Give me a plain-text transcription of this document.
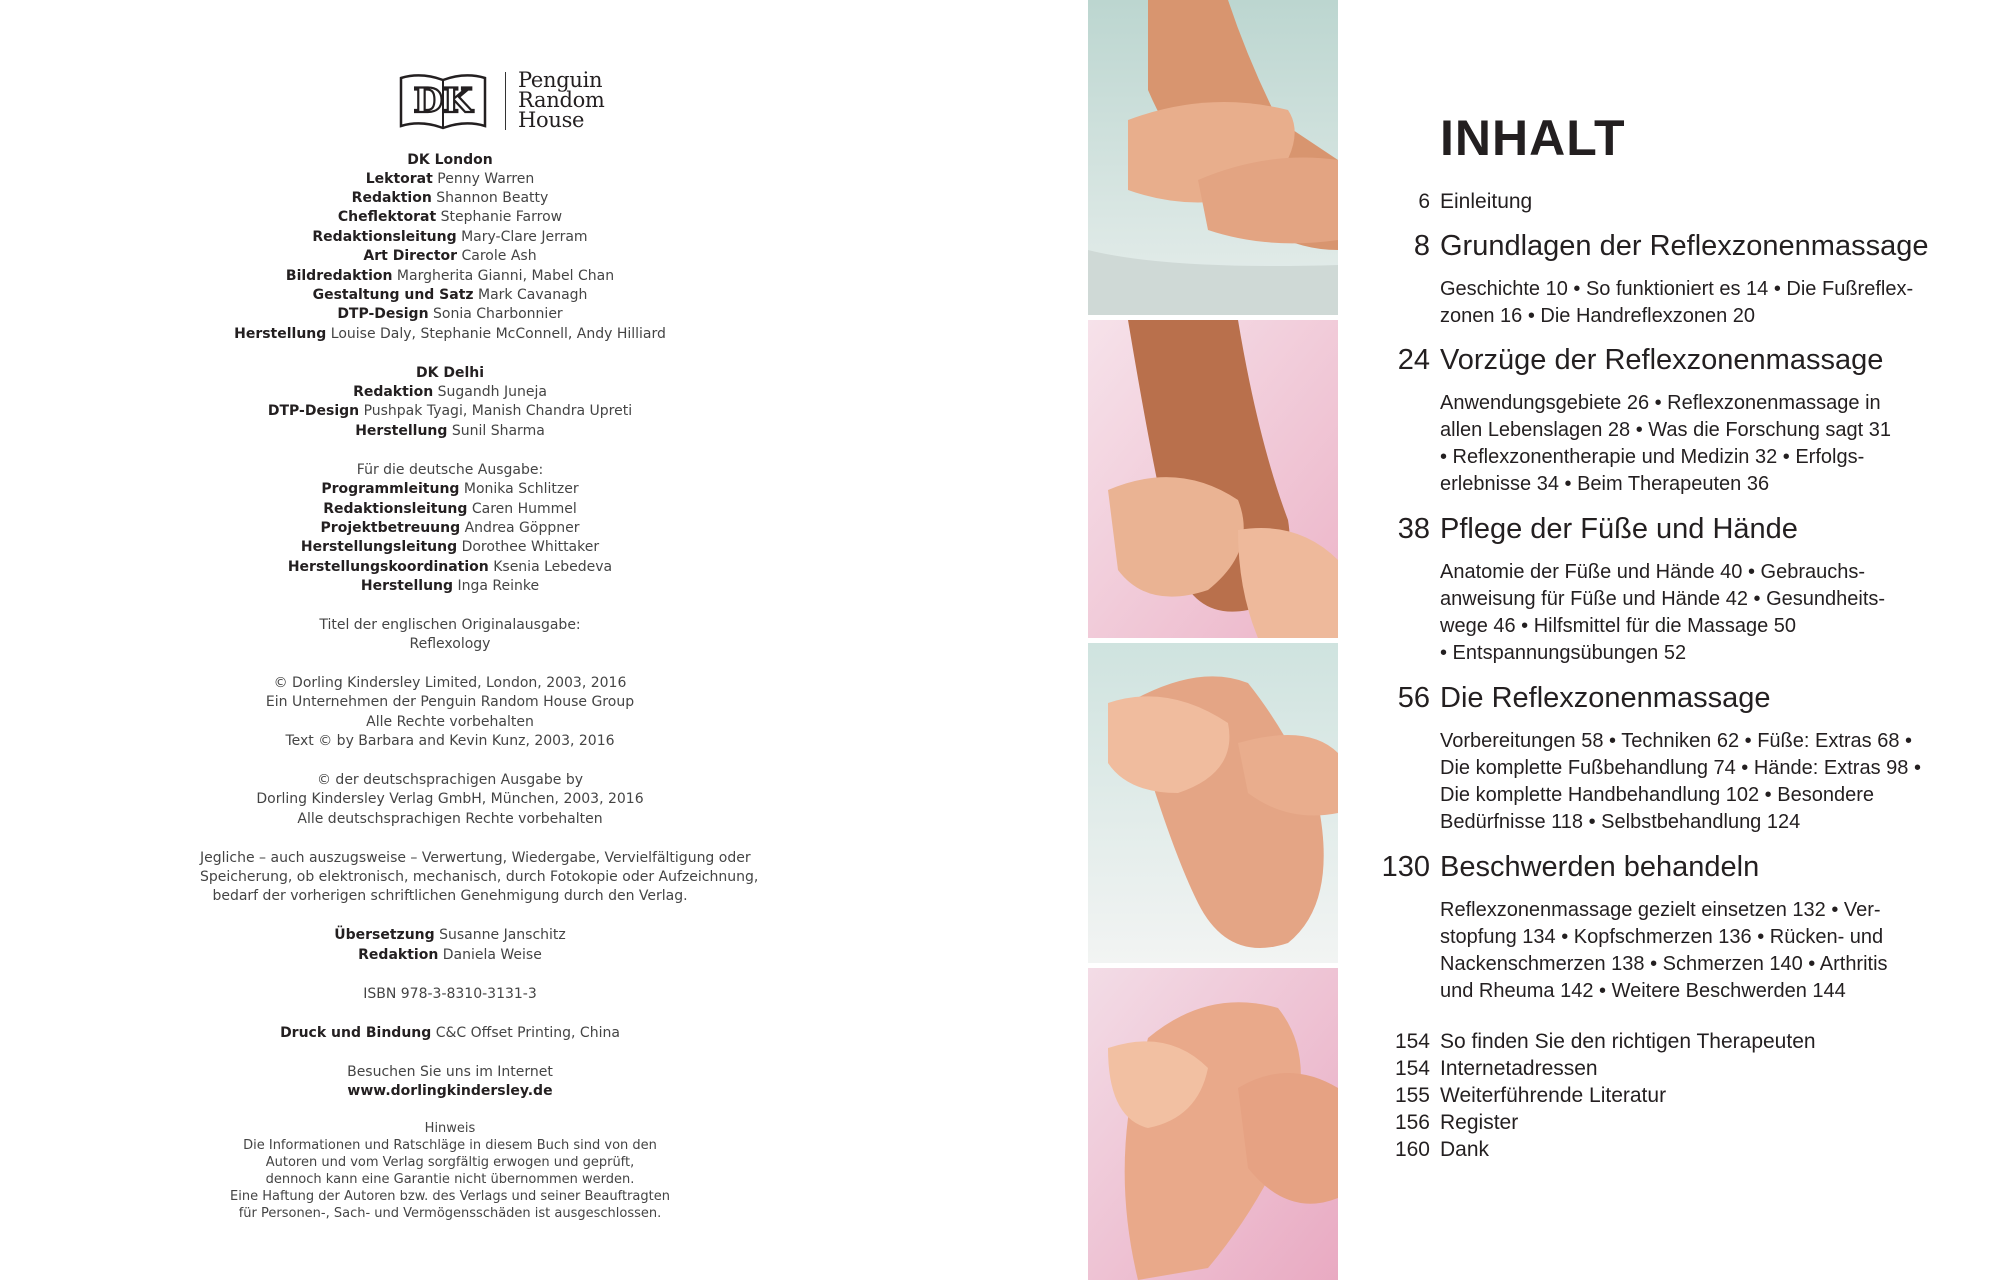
DK
Penguin
Random
House
DK London
Lektorat Penny Warren
Redaktion Shannon Beatty
Cheflektorat Stephanie Farrow
Redaktionsleitung Mary-Clare Jerram
Art Director Carole Ash
Bildredaktion Margherita Gianni, Mabel Chan
Gestaltung und Satz Mark Cavanagh
DTP-Design Sonia Charbonnier
Herstellung Louise Daly, Stephanie McConnell, Andy Hilliard
DK Delhi
Redaktion Sugandh Juneja
DTP-Design Pushpak Tyagi, Manish Chandra Upreti
Herstellung Sunil Sharma
Für die deutsche Ausgabe:
Programmleitung Monika Schlitzer
Redaktionsleitung Caren Hummel
Projektbetreuung Andrea Göppner
Herstellungsleitung Dorothee Whittaker
Herstellungskoordination Ksenia Lebedeva
Herstellung Inga Reinke
Titel der englischen Originalausgabe:
Reflexology
© Dorling Kindersley Limited, London, 2003, 2016
Ein Unternehmen der Penguin Random House Group
Alle Rechte vorbehalten
Text © by Barbara and Kevin Kunz, 2003, 2016
© der deutschsprachigen Ausgabe by
Dorling Kindersley Verlag GmbH, München, 2003, 2016
Alle deutschsprachigen Rechte vorbehalten
Jegliche – auch auszugsweise – Verwertung, Wiedergabe, Vervielfältigung oder
Speicherung, ob elektronisch, mechanisch, durch Fotokopie oder Aufzeichnung,
bedarf der vorherigen schriftlichen Genehmigung durch den Verlag.
Übersetzung Susanne Janschitz
Redaktion Daniela Weise
ISBN 978-3-8310-3131-3
Druck und Bindung C&C Offset Printing, China
Besuchen Sie uns im Internet
www.dorlingkindersley.de
Hinweis
Die Informationen und Ratschläge in diesem Buch sind von den
Autoren und vom Verlag sorgfältig erwogen und geprüft,
dennoch kann eine Garantie nicht übernommen werden.
Eine Haftung der Autoren bzw. des Verlags und seiner Beauftragten
für Personen-, Sach- und Vermögensschäden ist ausgeschlossen.
INHALT
6 Einleitung
8 Grundlagen der Reflexzonenmassage
Geschichte 10 • So funktioniert es 14 • Die Fußreflex-
zonen 16 • Die Handreflexzonen 20
24 Vorzüge der Reflexzonenmassage
Anwendungsgebiete 26 • Reflexzonenmassage in
allen Lebenslagen 28 • Was die Forschung sagt 31
• Reflexzonentherapie und Medizin 32 • Erfolgs-
erlebnisse 34 • Beim Therapeuten 36
38 Pflege der Füße und Hände
Anatomie der Füße und Hände 40 • Gebrauchs-
anweisung für Füße und Hände 42 • Gesundheits-
wege 46 • Hilfsmittel für die Massage 50
• Entspannungsübungen 52
56 Die Reflexzonenmassage
Vorbereitungen 58 • Techniken 62 • Füße: Extras 68 •
Die komplette Fußbehandlung 74 • Hände: Extras 98 •
Die komplette Handbehandlung 102 • Besondere
Bedürfnisse 118 • Selbstbehandlung 124
130 Beschwerden behandeln
Reflexzonenmassage gezielt einsetzen 132 • Ver-
stopfung 134 • Kopfschmerzen 136 • Rücken- und
Nackenschmerzen 138 • Schmerzen 140 • Arthritis
und Rheuma 142 • Weitere Beschwerden 144
154 So finden Sie den richtigen Therapeuten
154 Internetadressen
155 Weiterführende Literatur
156 Register
160 Dank
